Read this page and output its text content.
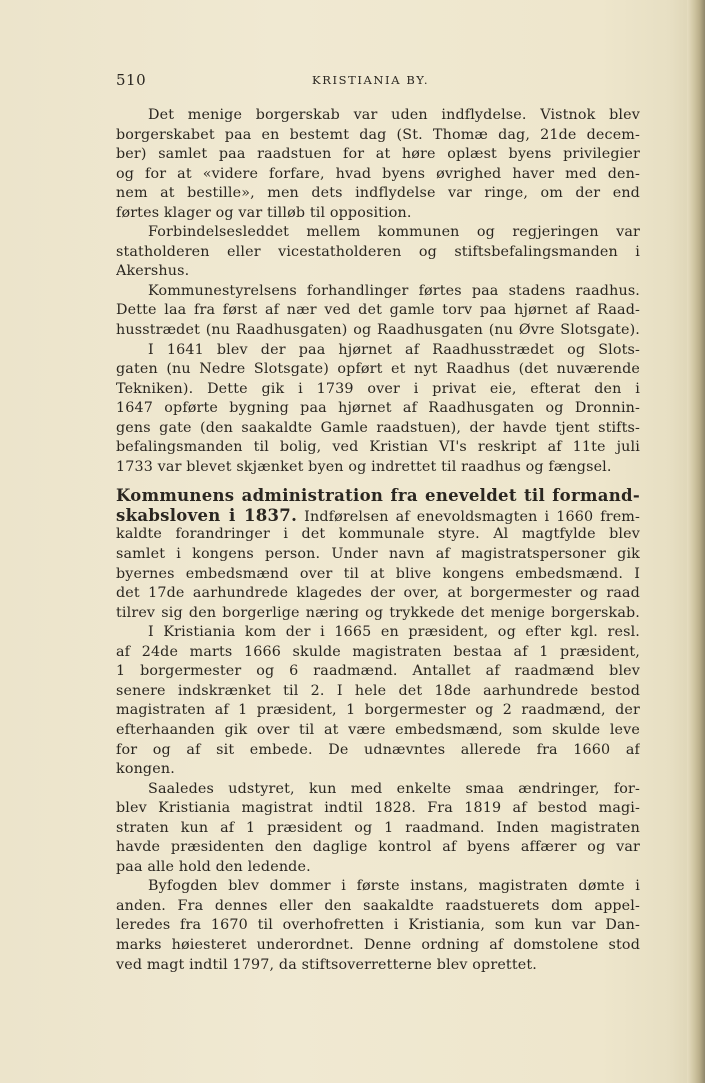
510	KRISTIANIA BY.
Det menige borgerskab var uden indflydelse. Vistnok blev
borgerskabet paa en bestemt dag (St. Thomæ dag, 21de decem-
ber) samlet paa raadstuen for at høre oplæst byens privilegier
og for at «videre forfare, hvad byens øvrighed haver med den-
nem at bestille», men dets indflydelse var ringe, om der end
førtes klager og var tilløb til opposition.
Forbindelsesleddet mellem kommunen og regjeringen var
statholderen eller vicestatholderen og stiftsbefalingsmanden i
Akershus.
Kommunestyrelsens forhandlinger førtes paa stadens raadhus.
Dette laa fra først af nær ved det gamle torv paa hjørnet af Raad-
husstrædet (nu Raadhusgaten) og Raadhusgaten (nu Øvre Slotsgate).
I 1641 blev der paa hjørnet af Raadhusstrædet og Slots-
gaten (nu Nedre Slotsgate) opført et nyt Raadhus (det nuværende
Tekniken). Dette gik i 1739 over i privat eie, efterat den i
1647 opførte bygning paa hjørnet af Raadhusgaten og Dronnin-
gens gate (den saakaldte Gamle raadstuen), der havde tjent stifts-
befalingsmanden til bolig, ved Kristian VI's reskript af 11te juli
1733 var blevet skjænket byen og indrettet til raadhus og fængsel.
Kommunens administration fra eneveldet til formand-
skabsloven i 1837. Indførelsen af enevoldsmagten i 1660 frem-
kaldte forandringer i det kommunale styre. Al magtfylde blev
samlet i kongens person. Under navn af magistratspersoner gik
byernes embedsmænd over til at blive kongens embedsmænd. I
det 17de aarhundrede klagedes der over, at borgermester og raad
tilrev sig den borgerlige næring og trykkede det menige borgerskab.
I Kristiania kom der i 1665 en præsident, og efter kgl. resl.
af 24de marts 1666 skulde magistraten bestaa af 1 præsident,
1 borgermester og 6 raadmænd. Antallet af raadmænd blev
senere indskrænket til 2. I hele det 18de aarhundrede bestod
magistraten af 1 præsident, 1 borgermester og 2 raadmænd, der
efterhaanden gik over til at være embedsmænd, som skulde leve
for og af sit embede. De udnævntes allerede fra 1660 af
kongen.
Saaledes udstyret, kun med enkelte smaa ændringer, for-
blev Kristiania magistrat indtil 1828. Fra 1819 af bestod magi-
straten kun af 1 præsident og 1 raadmand. Inden magistraten
havde præsidenten den daglige kontrol af byens affærer og var
paa alle hold den ledende.
Byfogden blev dommer i første instans, magistraten dømte i
anden. Fra dennes eller den saakaldte raadstuerets dom appel-
leredes fra 1670 til overhofretten i Kristiania, som kun var Dan-
marks høiesteret underordnet. Denne ordning af domstolene stod
ved magt indtil 1797, da stiftsoverretterne blev oprettet.
